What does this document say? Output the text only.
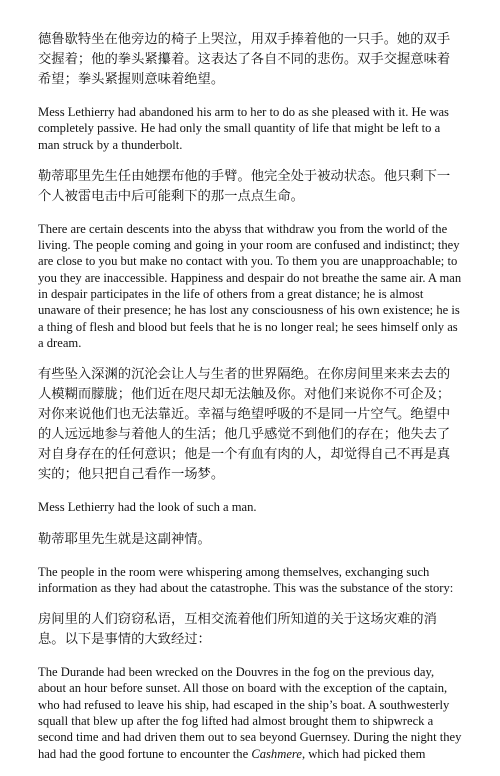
德鲁歇特坐在他旁边的椅子上哭泣，用双手捧着他的一只手。她的双手交握着；他的拳头紧攥着。这表达了各自不同的悲伤。双手交握意味着希望；拳头紧握则意味着绝望。

Mess Lethierry had abandoned his arm to her to do as she pleased with it. He was completely passive. He had only the small quantity of life that might be left to a man struck by a thunderbolt.

勒蒂耶里先生任由她摆布他的手臂。他完全处于被动状态。他只剩下一个人被雷电击中后可能剩下的那一点点生命。

There are certain descents into the abyss that withdraw you from the world of the living. The people coming and going in your room are confused and indistinct; they are close to you but make no contact with you. To them you are unapproachable; to you they are inaccessible. Happiness and despair do not breathe the same air. A man in despair participates in the life of others from a great distance; he is almost unaware of their presence; he has lost any consciousness of his own existence; he is a thing of flesh and blood but feels that he is no longer real; he sees himself only as a dream.

有些坠入深渊的沉沦会让人与生者的世界隔绝。在你房间里来来去去的人模糊而朦胧；他们近在咫尺却无法触及你。对他们来说你不可企及；对你来说他们也无法靠近。幸福与绝望呼吸的不是同一片空气。绝望中的人远远地参与着他人的生活；他几乎感觉不到他们的存在；他失去了对自身存在的任何意识；他是一个有血有肉的人，却觉得自己不再是真实的；他只把自己看作一场梦。

Mess Lethierry had the look of such a man.

勒蒂耶里先生就是这副神情。

The people in the room were whispering among themselves, exchanging such information as they had about the catastrophe. This was the substance of the story:

房间里的人们窃窃私语，互相交流着他们所知道的关于这场灾难的消息。以下是事情的大致经过：

The Durande had been wrecked on the Douvres in the fog on the previous day, about an hour before sunset. All those on board with the exception of the captain, who had refused to leave his ship, had escaped in the ship’s boat. A southwesterly squall that blew up after the fog lifted had almost brought them to shipwreck a second time and had driven them out to sea beyond Guernsey. During the night they had had the good fortune to encounter the Cashmere, which had picked them
